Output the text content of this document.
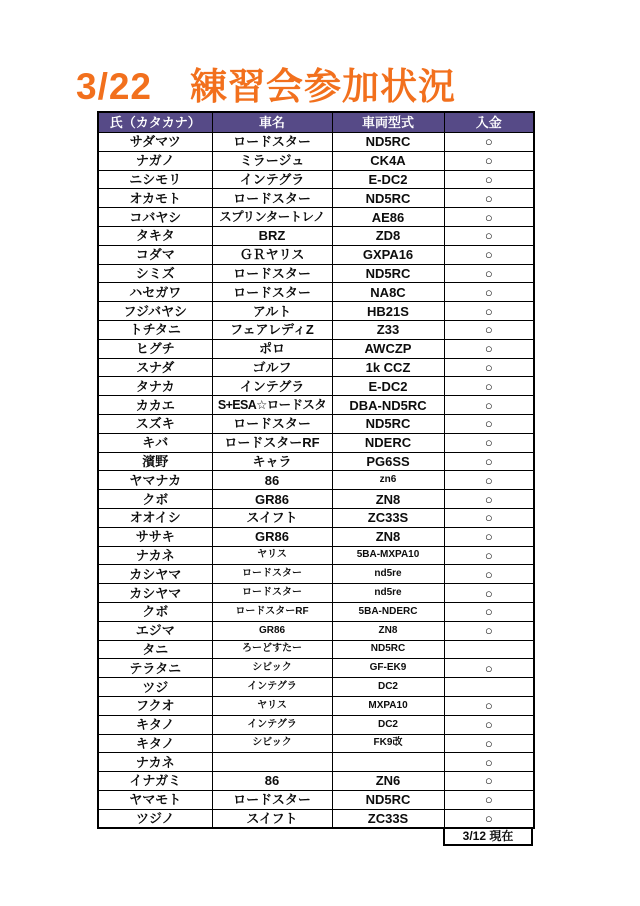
3/22　練習会参加状況
氏（カタカナ）	車名	車両型式	入金
サダマツ	ロードスター	ND5RC	○
ナガノ	ミラージュ	CK4A	○
ニシモリ	インテグラ	E-DC2	○
オカモト	ロードスター	ND5RC	○
コバヤシ	スプリンタートレノ	AE86	○
タキタ	BRZ	ZD8	○
コダマ	ＧＲヤリス	GXPA16	○
シミズ	ロードスター	ND5RC	○
ハセガワ	ロードスター	NA8C	○
フジバヤシ	アルト	HB21S	○
トチタニ	フェアレディZ	Z33	○
ヒグチ	ポロ	AWCZP	○
スナダ	ゴルフ	1k CCZ	○
タナカ	インテグラ	E-DC2	○
カカエ	S+ESA☆ロードスタ	DBA-ND5RC	○
スズキ	ロードスター	ND5RC	○
キバ	ロードスターRF	NDERC	○
濱野	キャラ	PG6SS	○
ヤマナカ	86	zn6	○
クボ	GR86	ZN8	○
オオイシ	スイフト	ZC33S	○
ササキ	GR86	ZN8	○
ナカネ	ヤリス	5BA-MXPA10	○
カシヤマ	ロードスター	nd5re	○
カシヤマ	ロードスター	nd5re	○
クボ	ロードスターRF	5BA-NDERC	○
エジマ	GR86	ZN8	○
タニ	ろーどすたー	ND5RC	
テラタニ	シビック	GF-EK9	○
ツジ	インテグラ	DC2	
フクオ	ヤリス	MXPA10	○
キタノ	インテグラ	DC2	○
キタノ	シビック	FK9改	○
ナカネ			○
イナガミ	86	ZN6	○
ヤマモト	ロードスター	ND5RC	○
ツジノ	スイフト	ZC33S	○
3/12 現在
